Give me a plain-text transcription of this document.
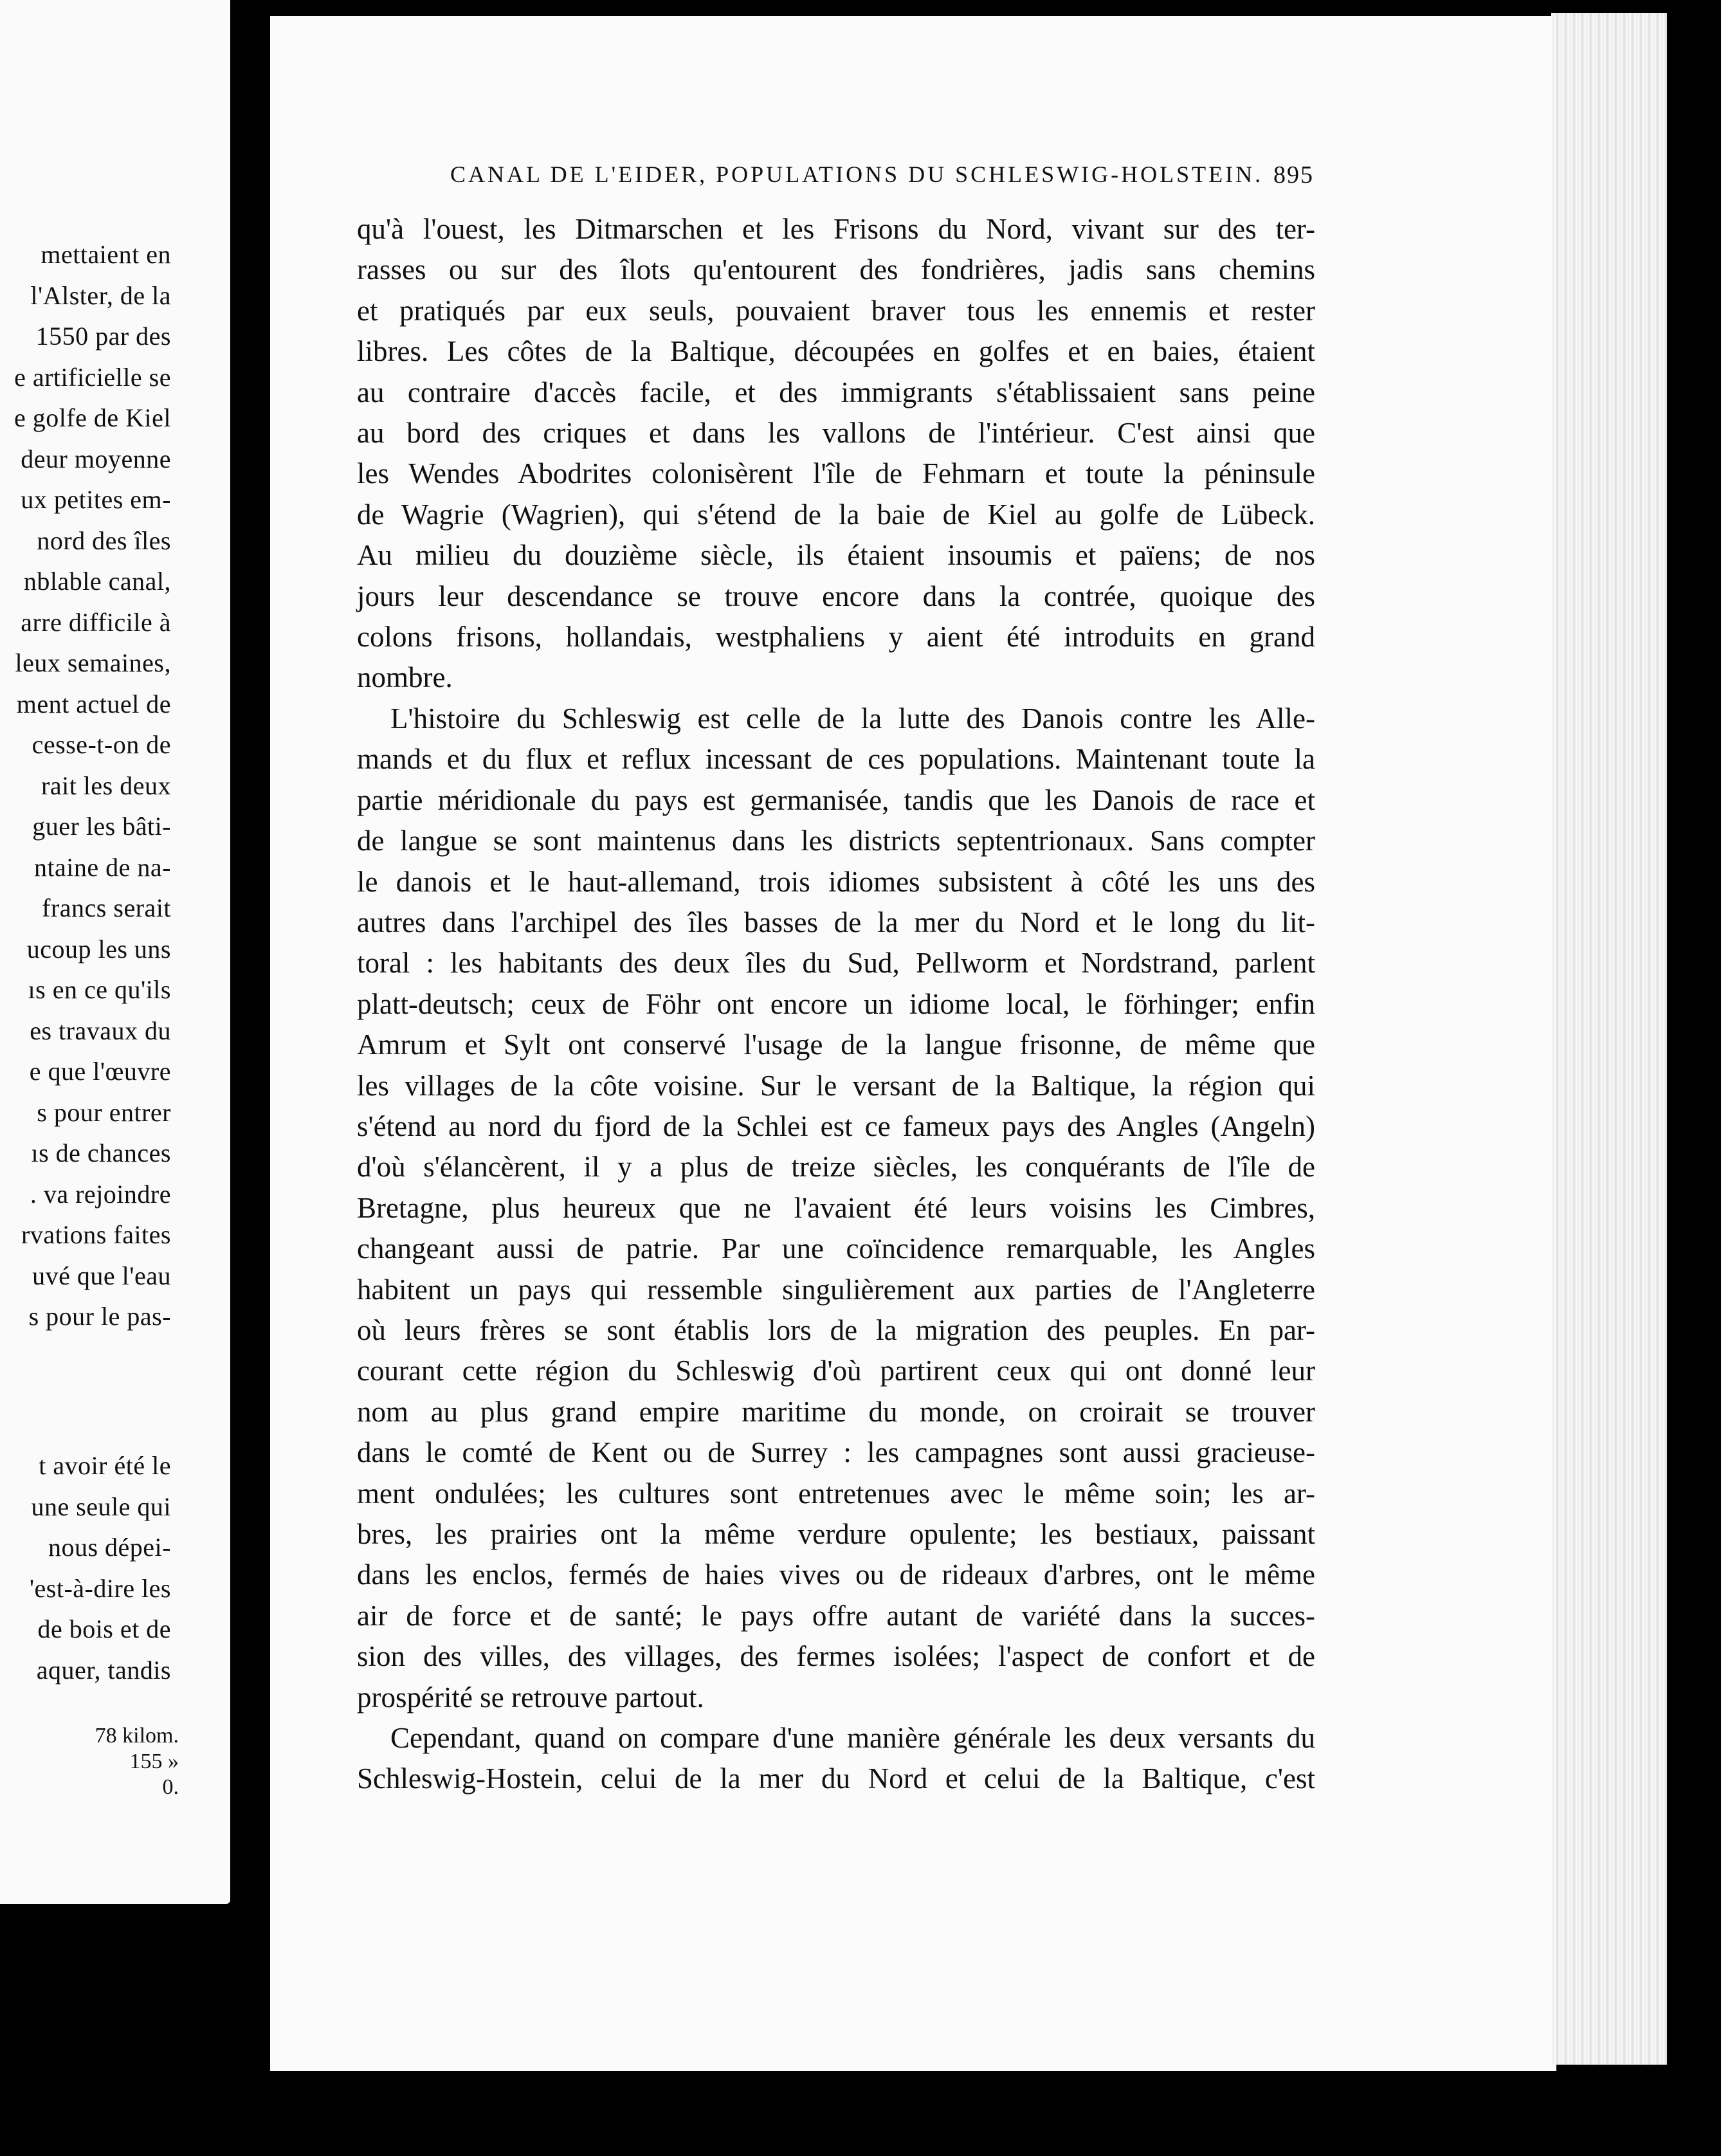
mettaient en
l'Alster, de la
1550 par des
e artificielle se
e golfe de Kiel
deur moyenne
ux petites em-
nord des îles
nblable canal,
arre difficile à
leux semaines,
ment actuel de
cesse-t-on de
rait les deux
guer les bâti-
ntaine de na-
francs serait
ucoup les uns
ıs en ce qu'ils
es travaux du
e que l'œuvre
s pour entrer
ıs de chances
. va rejoindre
rvations faites
uvé que l'eau
s pour le pas-
t avoir été le
une seule qui
nous dépei-
'est-à-dire les
de bois et de
aquer, tandis
78 kilom.
155 »
0.
CANAL DE L'EIDER, POPULATIONS DU SCHLESWIG-HOLSTEIN. 895
qu'à l'ouest, les Ditmarschen et les Frisons du Nord, vivant sur des ter-
rasses ou sur des îlots qu'entourent des fondrières, jadis sans chemins
et pratiqués par eux seuls, pouvaient braver tous les ennemis et rester
libres. Les côtes de la Baltique, découpées en golfes et en baies, étaient
au contraire d'accès facile, et des immigrants s'établissaient sans peine
au bord des criques et dans les vallons de l'intérieur. C'est ainsi que
les Wendes Abodrites colonisèrent l'île de Fehmarn et toute la péninsule
de Wagrie (Wagrien), qui s'étend de la baie de Kiel au golfe de Lübeck.
Au milieu du douzième siècle, ils étaient insoumis et païens; de nos
jours leur descendance se trouve encore dans la contrée, quoique des
colons frisons, hollandais, westphaliens y aient été introduits en grand
nombre.
L'histoire du Schleswig est celle de la lutte des Danois contre les Alle-
mands et du flux et reflux incessant de ces populations. Maintenant toute la
partie méridionale du pays est germanisée, tandis que les Danois de race et
de langue se sont maintenus dans les districts septentrionaux. Sans compter
le danois et le haut-allemand, trois idiomes subsistent à côté les uns des
autres dans l'archipel des îles basses de la mer du Nord et le long du lit-
toral : les habitants des deux îles du Sud, Pellworm et Nordstrand, parlent
platt-deutsch; ceux de Föhr ont encore un idiome local, le förhinger; enfin
Amrum et Sylt ont conservé l'usage de la langue frisonne, de même que
les villages de la côte voisine. Sur le versant de la Baltique, la région qui
s'étend au nord du fjord de la Schlei est ce fameux pays des Angles (Angeln)
d'où s'élancèrent, il y a plus de treize siècles, les conquérants de l'île de
Bretagne, plus heureux que ne l'avaient été leurs voisins les Cimbres,
changeant aussi de patrie. Par une coïncidence remarquable, les Angles
habitent un pays qui ressemble singulièrement aux parties de l'Angleterre
où leurs frères se sont établis lors de la migration des peuples. En par-
courant cette région du Schleswig d'où partirent ceux qui ont donné leur
nom au plus grand empire maritime du monde, on croirait se trouver
dans le comté de Kent ou de Surrey : les campagnes sont aussi gracieuse-
ment ondulées; les cultures sont entretenues avec le même soin; les ar-
bres, les prairies ont la même verdure opulente; les bestiaux, paissant
dans les enclos, fermés de haies vives ou de rideaux d'arbres, ont le même
air de force et de santé; le pays offre autant de variété dans la succes-
sion des villes, des villages, des fermes isolées; l'aspect de confort et de
prospérité se retrouve partout.
Cependant, quand on compare d'une manière générale les deux versants du
Schleswig-Hostein, celui de la mer du Nord et celui de la Baltique, c'est
